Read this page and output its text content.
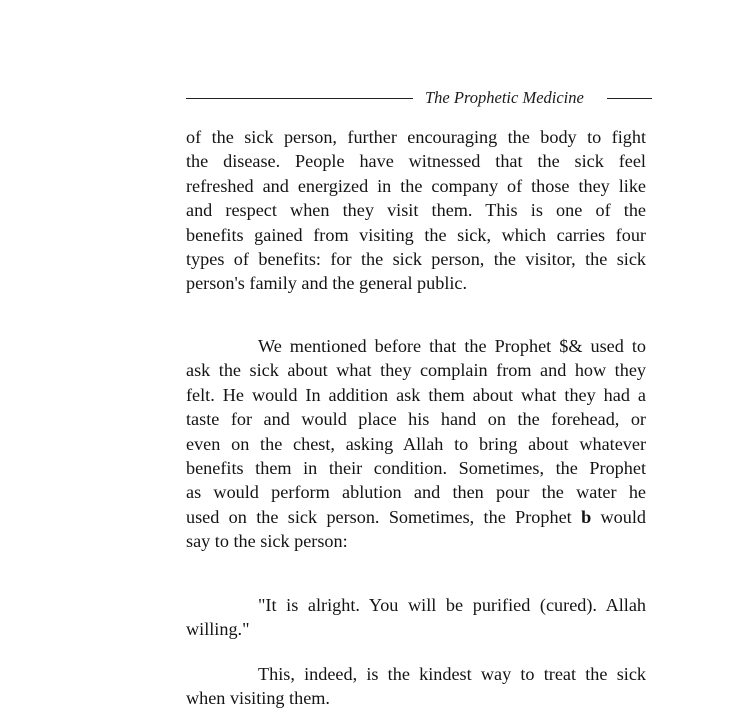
The Prophetic Medicine
of the sick person, further encouraging the body to fight
the disease. People have witnessed that the sick feel
refreshed and energized in the company of those they like
and respect when they visit them. This is one of the
benefits gained from visiting the sick, which carries four
types of benefits: for the sick person, the visitor, the sick
person's family and the general public.
We mentioned before that the Prophet $& used to
ask the sick about what they complain from and how they
felt. He would In addition ask them about what they had a
taste for and would place his hand on the forehead, or
even on the chest, asking Allah to bring about whatever
benefits them in their condition. Sometimes, the Prophet
as would perform ablution and then pour the water he
used on the sick person. Sometimes, the Prophet b would
say to the sick person:
"It is alright. You will be purified (cured). Allah
willing."
This, indeed, is the kindest way to treat the sick
when visiting them.
